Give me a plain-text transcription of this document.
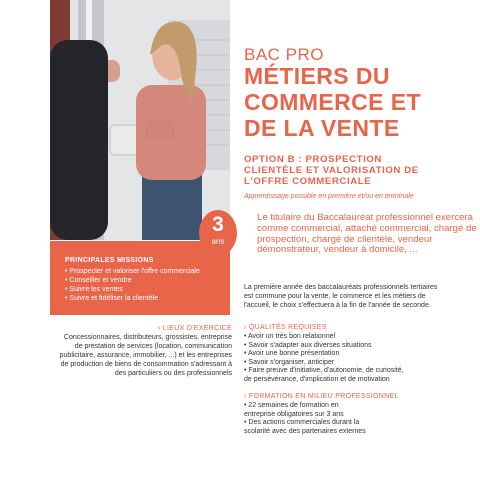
BAC PRO
MÉTIERS DU
COMMERCE ET
DE LA VENTE
OPTION B : PROSPECTION
CLIENTÈLE ET VALORISATION DE
L'OFFRE COMMERCIALE
Apprentissage possible en première et/ou en terminale
Le titulaire du Baccalauréat professionnel exercera comme commercial, attaché commercial, chargé de prospection, chargé de clientèle, vendeur démonstrateur, vendeur à domicile, ...
PRINCIPALES MISSIONS
• Prospecter et valoriser l'offre commerciale
• Conseiller et vendre
• Suivre les ventes
• Suivre et fidéliser la clientèle
3
ans
La première année des baccalauréats professionnels tertiaires est commune pour la vente, le commerce et les métiers de l'accueil, le choix s'effectuera à la fin de l'année de seconde.
› LIEUX D'EXERCICE
Concessionnaires, distributeurs, grossistes, entreprise de prestation de services (location, communication publicitaire, assurance, immobilier, ...) et les entreprises de production de biens de consommation s'adressant à des particuliers ou des professionnels
› QUALITÉS REQUISES
• Avoir un très bon relationnel
• Savoir s'adapter aux diverses situations
• Avoir une bonne présentation
• Savoir s'organiser, anticiper
• Faire preuve d'initiative, d'autonomie, de curiosité,
de persévérance, d'implication et de motivation
› FORMATION EN MILIEU PROFESSIONNEL
• 22 semaines de formation en
entreprise obligatoires sur 3 ans
• Des actions commerciales durant la
scolarité avec des partenaires externes
